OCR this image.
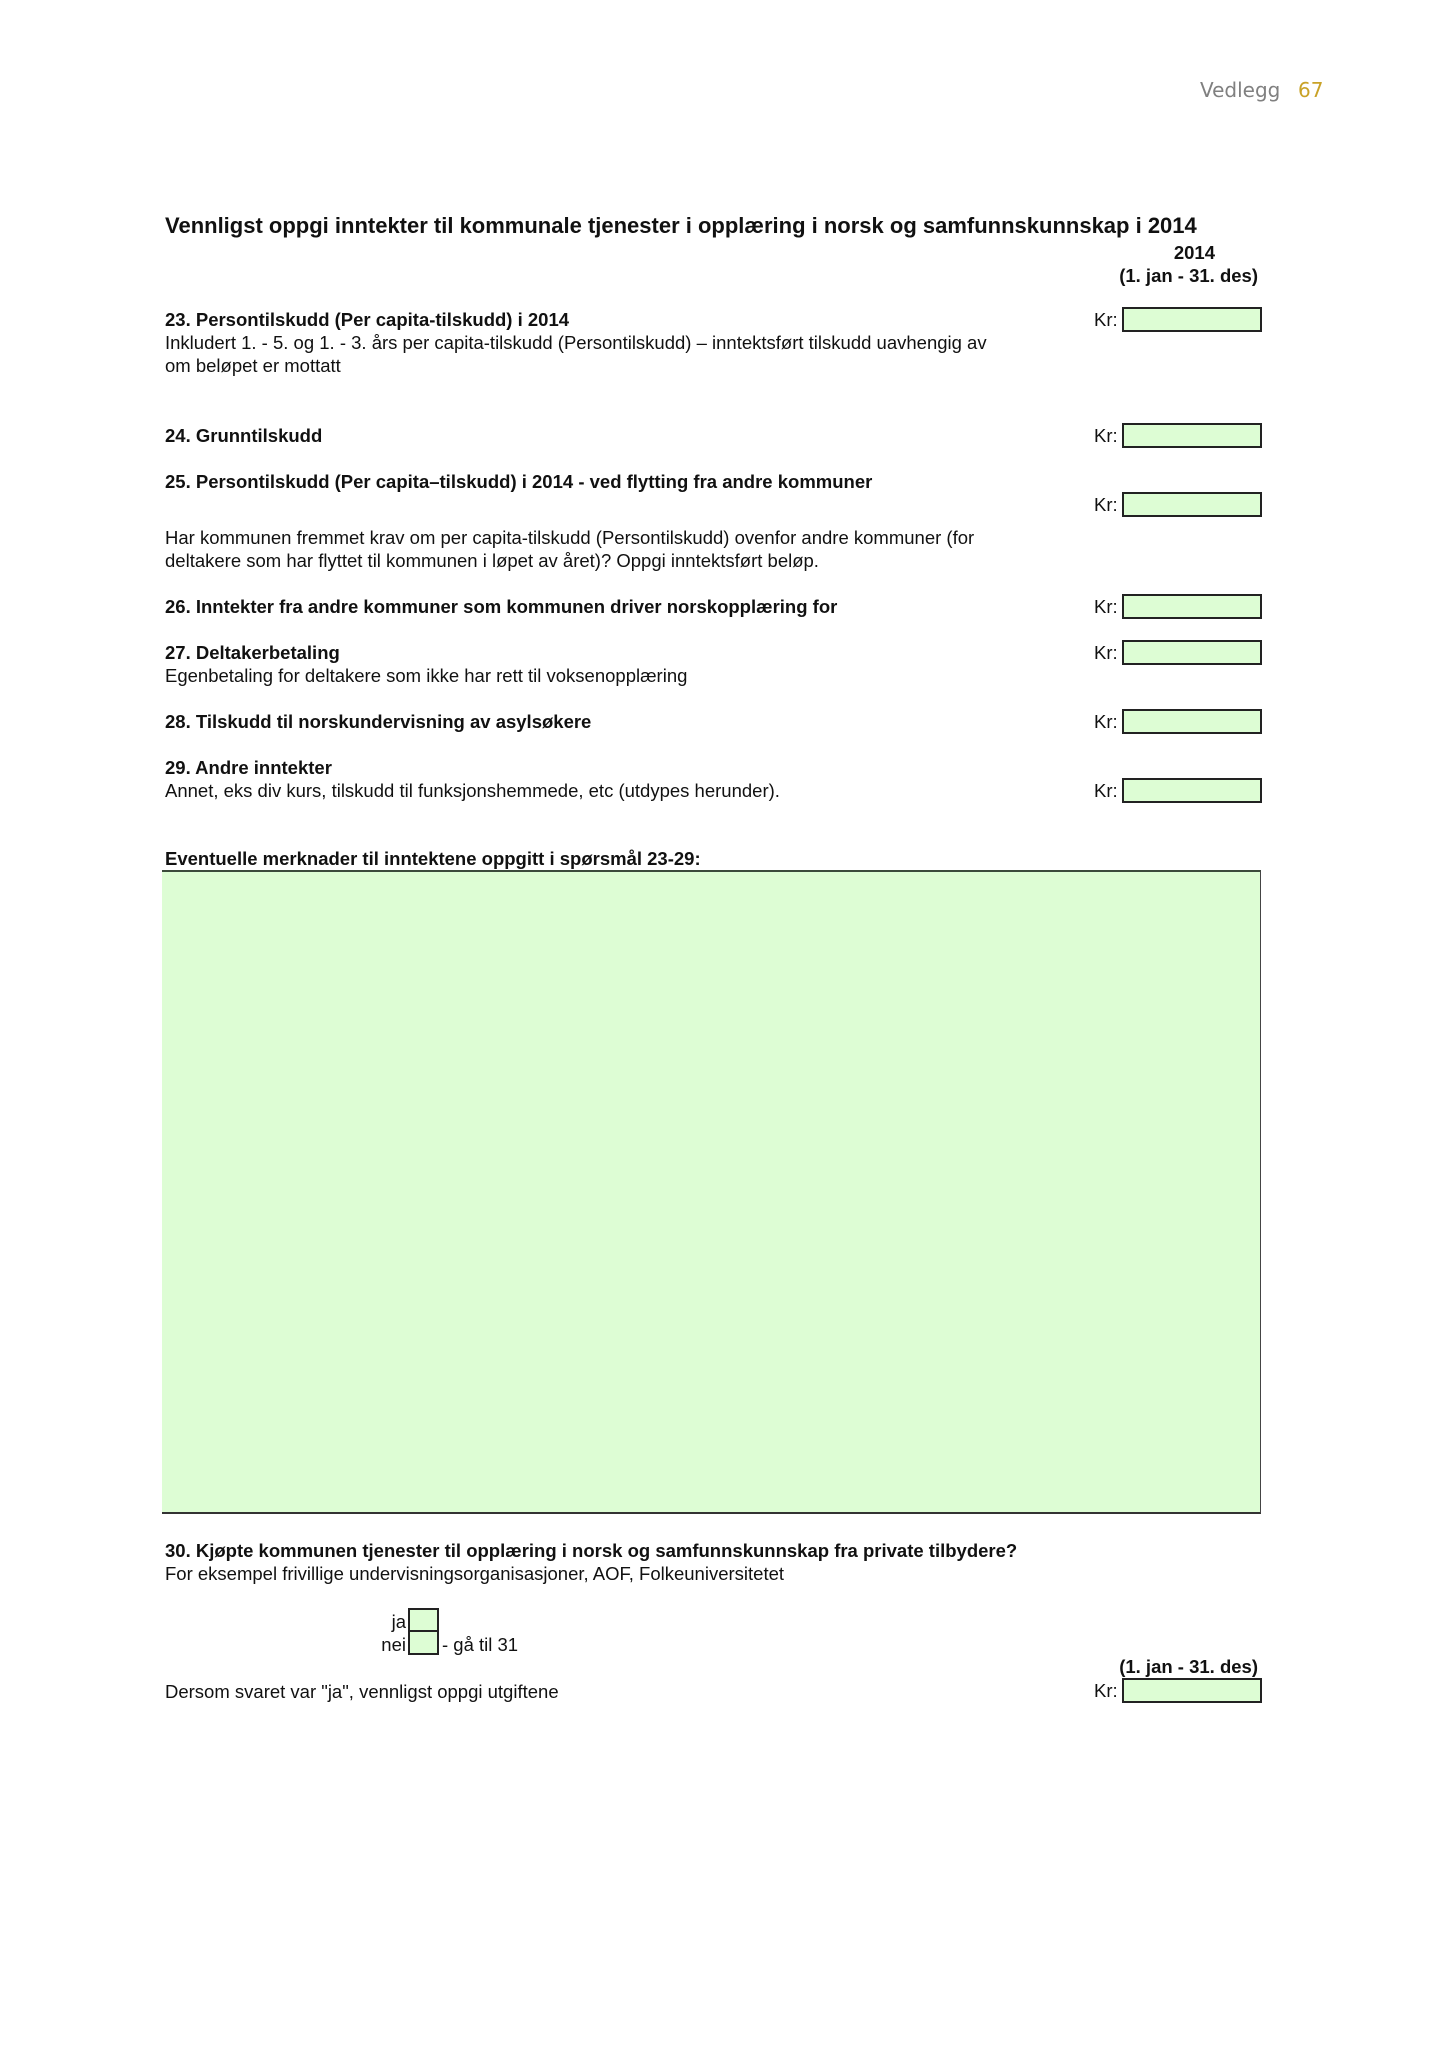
Vedlegg 67
Vennligst oppgi inntekter til kommunale tjenester i opplæring i norsk og samfunnskunnskap i 2014
2014
(1. jan - 31. des)
23. Persontilskudd (Per capita-tilskudd) i 2014
Inkludert 1. - 5. og 1. - 3. års per capita-tilskudd (Persontilskudd) – inntektsført tilskudd uavhengig av
om beløpet er mottatt
Kr:
24. Grunntilskudd	Kr:
25. Persontilskudd (Per capita–tilskudd) i 2014 - ved flytting fra andre kommuner
Kr:
Har kommunen fremmet krav om per capita-tilskudd (Persontilskudd) ovenfor andre kommuner (for
deltakere som har flyttet til kommunen i løpet av året)? Oppgi inntektsført beløp.
26. Inntekter fra andre kommuner som kommunen driver norskopplæring for	Kr:
27. Deltakerbetaling
Egenbetaling for deltakere som ikke har rett til voksenopplæring
Kr:
28. Tilskudd til norskundervisning av asylsøkere	Kr:
29. Andre inntekter
Annet, eks div kurs, tilskudd til funksjonshemmede, etc (utdypes herunder).	Kr:
Eventuelle merknader til inntektene oppgitt i spørsmål 23-29:
30. Kjøpte kommunen tjenester til opplæring i norsk og samfunnskunnskap fra private tilbydere?
For eksempel frivillige undervisningsorganisasjoner, AOF, Folkeuniversitetet
ja
nei - gå til 31
(1. jan - 31. des)
Dersom svaret var "ja", vennligst oppgi utgiftene	Kr:
